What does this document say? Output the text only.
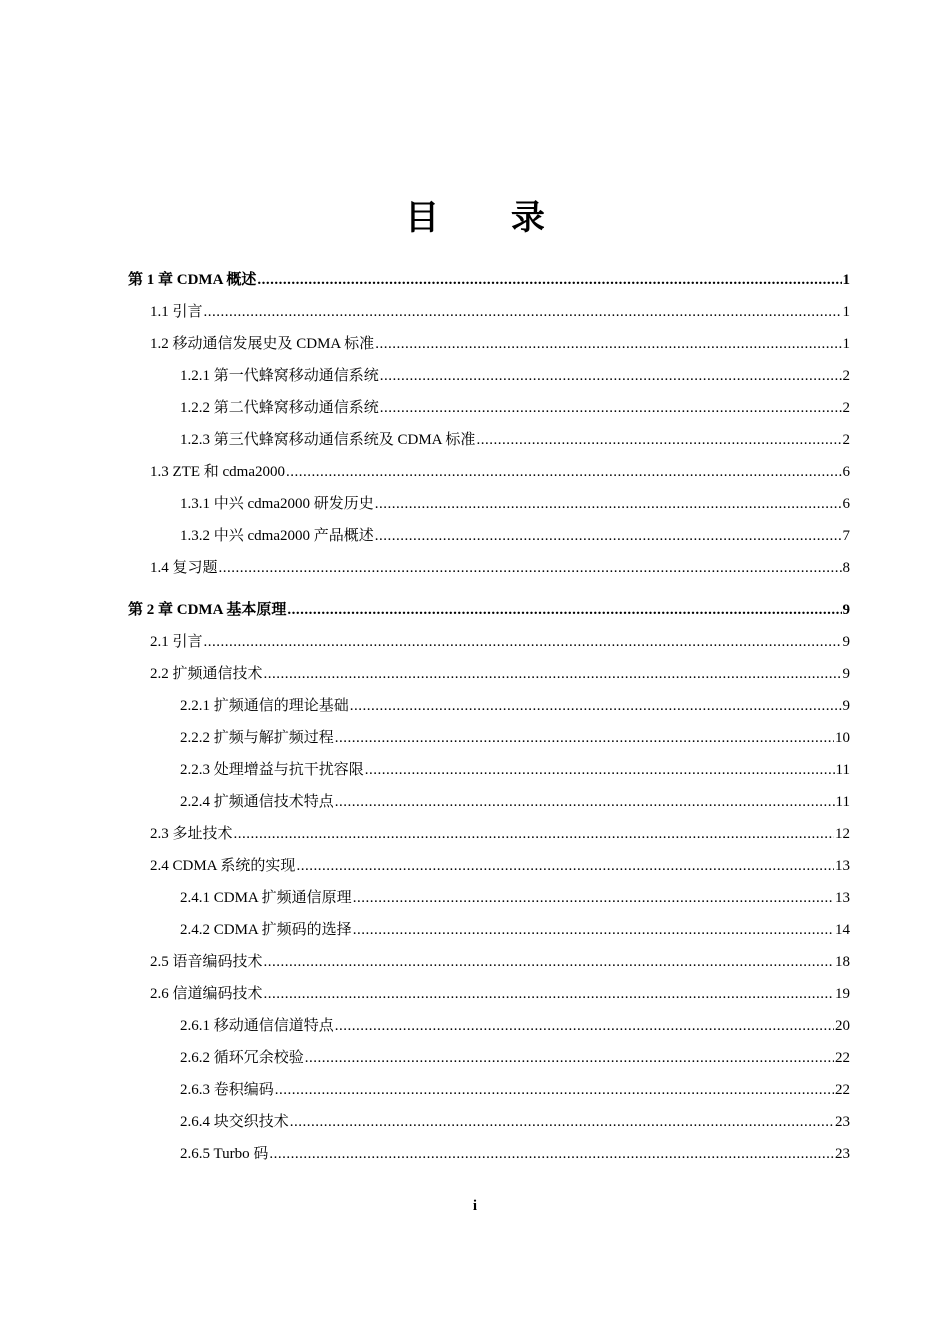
目 录
第 1 章 CDMA 概述 .....	1
1.1 引言 .....	1
1.2 移动通信发展史及 CDMA 标准 .....	1
1.2.1 第一代蜂窝移动通信系统 .....	2
1.2.2 第二代蜂窝移动通信系统 .....	2
1.2.3 第三代蜂窝移动通信系统及 CDMA 标准 .....	2
1.3 ZTE 和 cdma2000 .....	6
1.3.1 中兴 cdma2000 研发历史 .....	6
1.3.2 中兴 cdma2000 产品概述 .....	7
1.4 复习题 .....	8
第 2 章 CDMA 基本原理 .....	9
2.1 引言 .....	9
2.2 扩频通信技术 .....	9
2.2.1 扩频通信的理论基础 .....	9
2.2.2 扩频与解扩频过程 .....	10
2.2.3 处理增益与抗干扰容限 .....	11
2.2.4 扩频通信技术特点 .....	11
2.3 多址技术 .....	12
2.4 CDMA 系统的实现 .....	13
2.4.1 CDMA 扩频通信原理 .....	13
2.4.2 CDMA 扩频码的选择 .....	14
2.5 语音编码技术 .....	18
2.6 信道编码技术 .....	19
2.6.1 移动通信信道特点 .....	20
2.6.2 循环冗余校验 .....	22
2.6.3 卷积编码 .....	22
2.6.4 块交织技术 .....	23
2.6.5 Turbo 码 .....	23
i
